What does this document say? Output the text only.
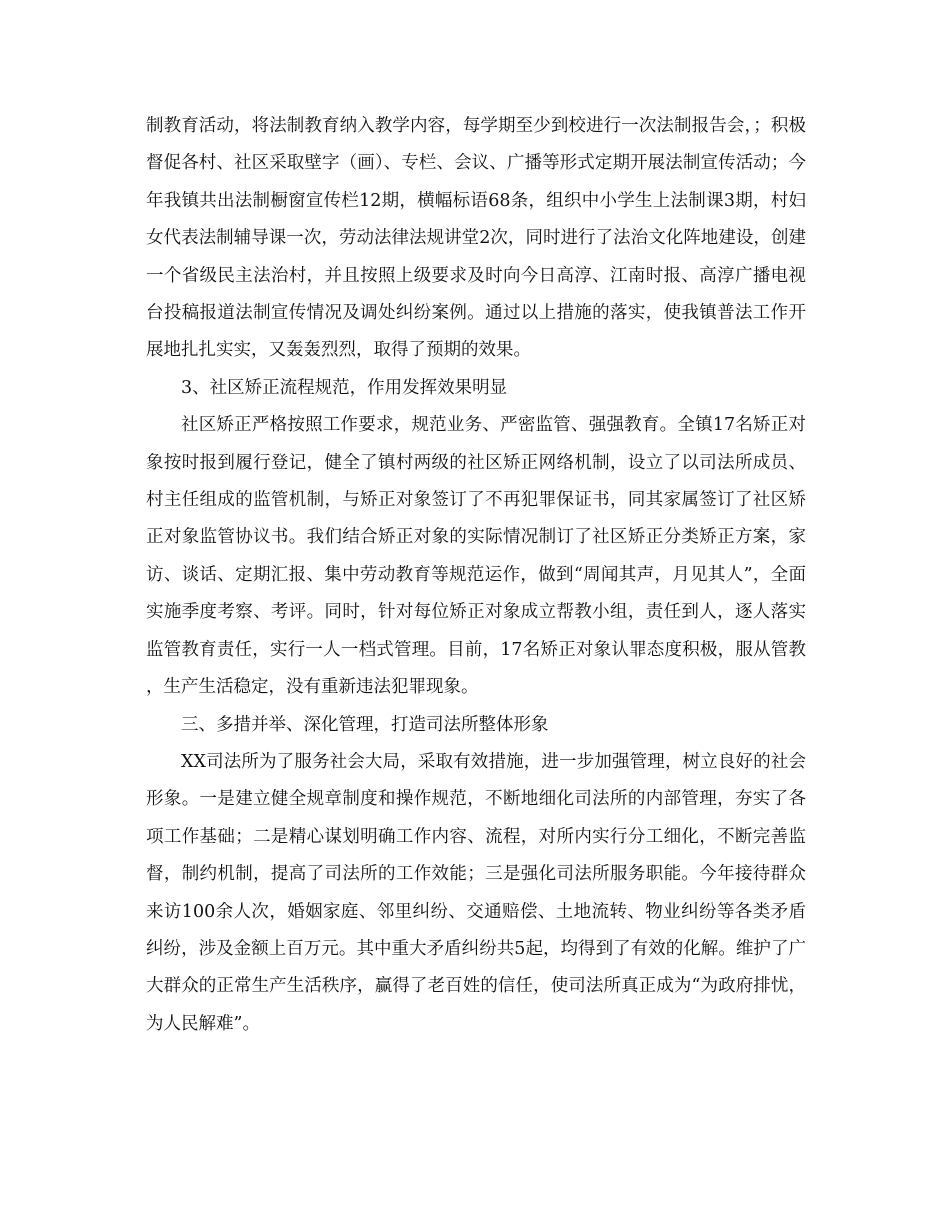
制教育活动，将法制教育纳入教学内容，每学期至少到校进行一次法制报告会，；积极督促各村、社区采取壁字（画）、专栏、会议、广播等形式定期开展法制宣传活动；今年我镇共出法制橱窗宣传栏12期，横幅标语68条，组织中小学生上法制课3期，村妇女代表法制辅导课一次，劳动法律法规讲堂2次，同时进行了法治文化阵地建设，创建一个省级民主法治村，并且按照上级要求及时向今日高淳、江南时报、高淳广播电视台投稿报道法制宣传情况及调处纠纷案例。通过以上措施的落实，使我镇普法工作开展地扎扎实实，又轰轰烈烈，取得了预期的效果。

3、社区矫正流程规范，作用发挥效果明显

社区矫正严格按照工作要求，规范业务、严密监管、强强教育。全镇17名矫正对象按时报到履行登记，健全了镇村两级的社区矫正网络机制，设立了以司法所成员、村主任组成的监管机制，与矫正对象签订了不再犯罪保证书，同其家属签订了社区矫正对象监管协议书。我们结合矫正对象的实际情况制订了社区矫正分类矫正方案，家访、谈话、定期汇报、集中劳动教育等规范运作，做到“周闻其声，月见其人”，全面实施季度考察、考评。同时，针对每位矫正对象成立帮教小组，责任到人，逐人落实监管教育责任，实行一人一档式管理。目前，17名矫正对象认罪态度积极，服从管教，生产生活稳定，没有重新违法犯罪现象。

三、多措并举、深化管理，打造司法所整体形象

XX司法所为了服务社会大局，采取有效措施，进一步加强管理，树立良好的社会形象。一是建立健全规章制度和操作规范，不断地细化司法所的内部管理，夯实了各项工作基础；二是精心谋划明确工作内容、流程，对所内实行分工细化，不断完善监督，制约机制，提高了司法所的工作效能；三是强化司法所服务职能。今年接待群众来访100余人次，婚姻家庭、邻里纠纷、交通赔偿、土地流转、物业纠纷等各类矛盾纠纷，涉及金额上百万元。其中重大矛盾纠纷共5起，均得到了有效的化解。维护了广大群众的正常生产生活秩序，赢得了老百姓的信任，使司法所真正成为“为政府排忧，为人民解难”。
